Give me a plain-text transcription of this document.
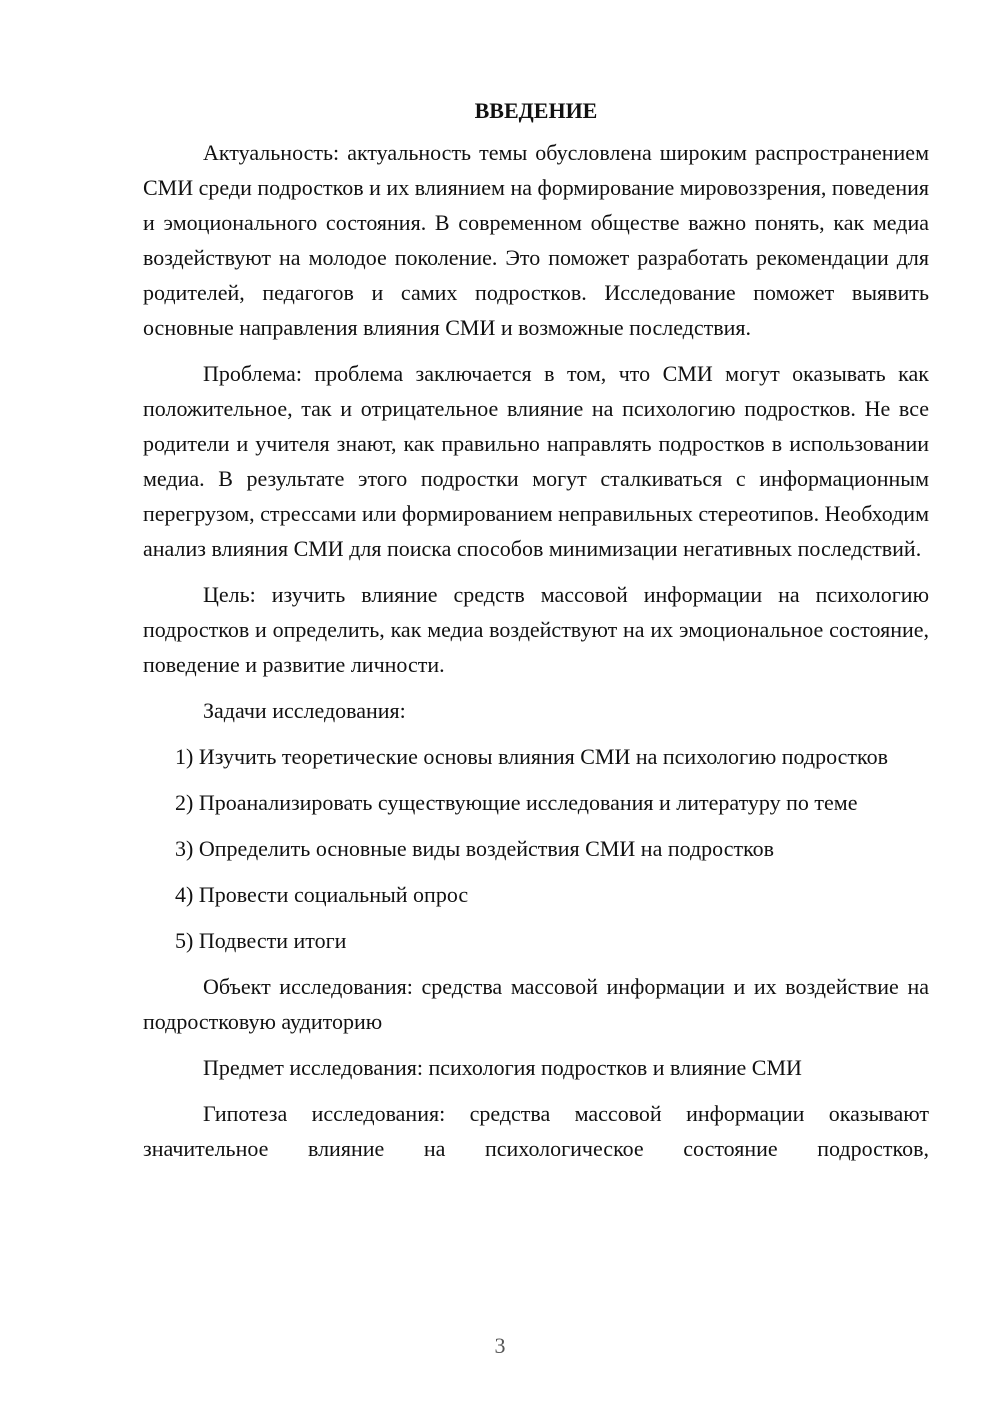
ВВЕДЕНИЕ

Актуальность: актуальность темы обусловлена широким распространением СМИ среди подростков и их влиянием на формирование мировоззрения, поведения и эмоционального состояния. В современном обществе важно понять, как медиа воздействуют на молодое поколение. Это поможет разработать рекомендации для родителей, педагогов и самих подростков. Исследование поможет выявить основные направления влияния СМИ и возможные последствия.

Проблема: проблема заключается в том, что СМИ могут оказывать как положительное, так и отрицательное влияние на психологию подростков. Не все родители и учителя знают, как правильно направлять подростков в использовании медиа. В результате этого подростки могут сталкиваться с информационным перегрузом, стрессами или формированием неправильных стереотипов. Необходим анализ влияния СМИ для поиска способов минимизации негативных последствий.

Цель: изучить влияние средств массовой информации на психологию подростков и определить, как медиа воздействуют на их эмоциональное состояние, поведение и развитие личности.

Задачи исследования:

1) Изучить теоретические основы влияния СМИ на психологию подростков

2) Проанализировать существующие исследования и литературу по теме

3) Определить основные виды воздействия СМИ на подростков

4) Провести социальный опрос

5) Подвести итоги

Объект исследования: средства массовой информации и их воздействие на подростковую аудиторию

Предмет исследования: психология подростков и влияние СМИ

Гипотеза исследования: средства массовой информации оказывают значительное влияние на психологическое состояние подростков,

3
